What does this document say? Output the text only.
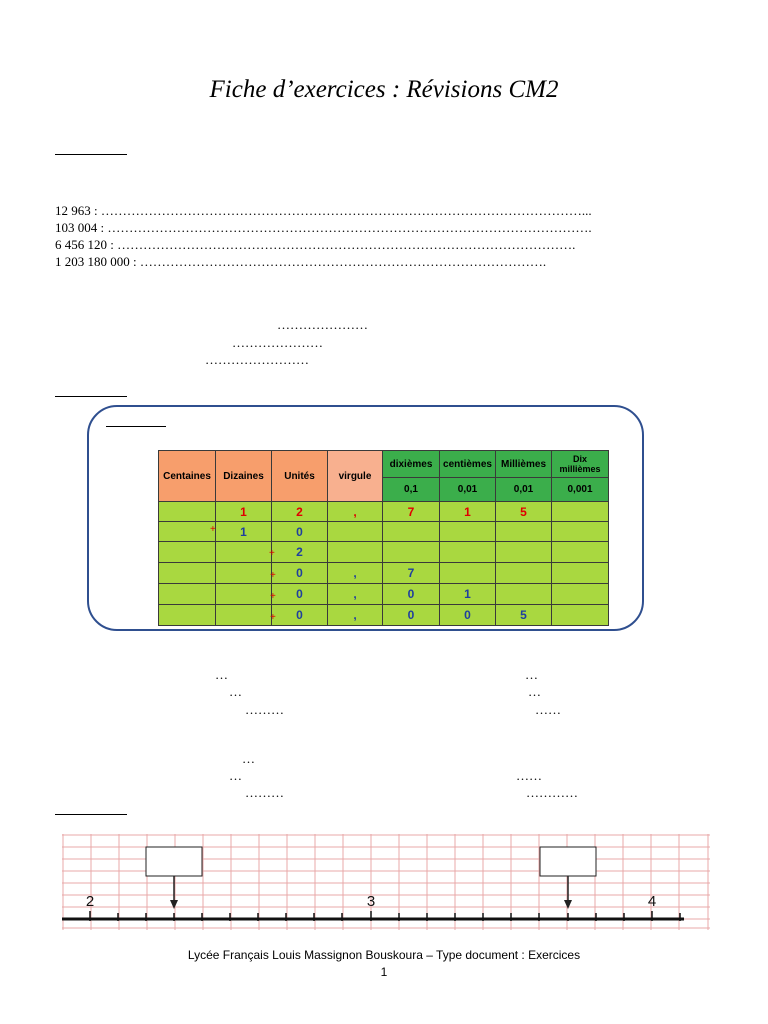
Fiche d’exercices : Révisions CM2
12 963 : …………………………………………………………………………………………………...
103 004 : ………………………………………………………………………………………………….
6 456 120 : …………………………………………………………………………………………….
1 203 180 000 : ………………………………………………………………………………….
…………………
…………………
……………………
Centaines	Dizaines	Unités	virgule	dixièmes	centièmes	Millièmes	Dix millièmes
				0,1	0,01	0,01	0,001
	1	2	,	7	1	5	
	1	0					
		2					
		0	,	7			
		0	,	0	1		
		0	,	0	0	5	
+
+
+
+
+
…
…
………
…
…
………
…
…
……
……
…………
2	3	4
Lycée Français Louis Massignon Bouskoura – Type document : Exercices
1
